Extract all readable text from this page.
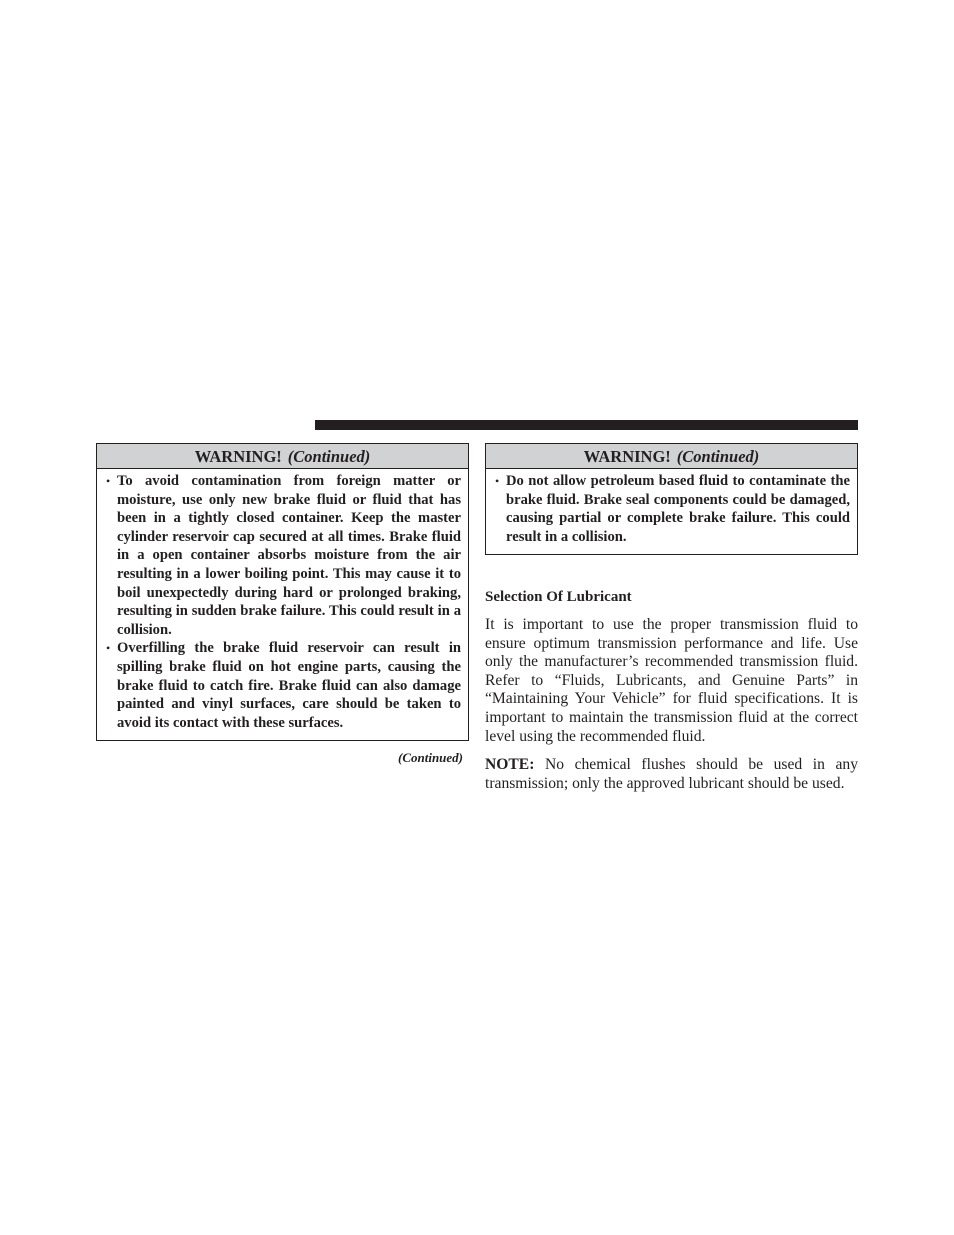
WARNING! (Continued)
• To avoid contamination from foreign matter or moisture, use only new brake fluid or fluid that has been in a tightly closed container. Keep the master cylinder reservoir cap secured at all times. Brake fluid in a open container absorbs moisture from the air resulting in a lower boiling point. This may cause it to boil unexpectedly during hard or prolonged braking, resulting in sudden brake failure. This could result in a collision.
• Overfilling the brake fluid reservoir can result in spilling brake fluid on hot engine parts, causing the brake fluid to catch fire. Brake fluid can also damage painted and vinyl surfaces, care should be taken to avoid its contact with these surfaces.
(Continued)
WARNING! (Continued)
• Do not allow petroleum based fluid to contaminate the brake fluid. Brake seal components could be damaged, causing partial or complete brake failure. This could result in a collision.
Selection Of Lubricant
It is important to use the proper transmission fluid to ensure optimum transmission performance and life. Use only the manufacturer’s recommended transmission fluid. Refer to “Fluids, Lubricants, and Genuine Parts” in “Maintaining Your Vehicle” for fluid specifications. It is important to maintain the transmission fluid at the correct level using the recommended fluid.
NOTE: No chemical flushes should be used in any transmission; only the approved lubricant should be used.
